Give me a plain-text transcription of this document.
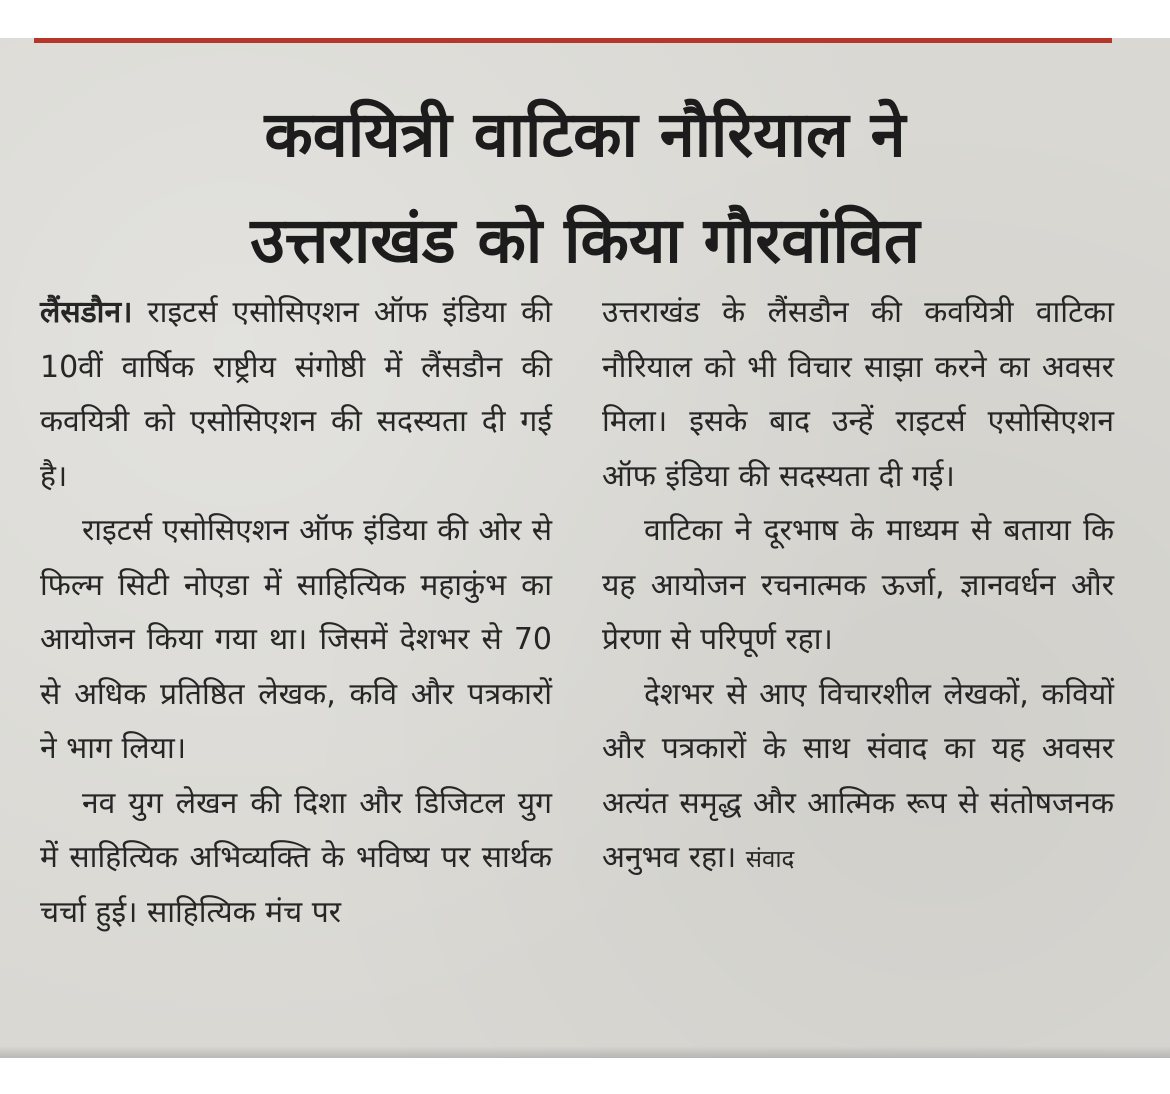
कवयित्री वाटिका नौरियाल ने
उत्तराखंड को किया गौरवांवित

लैंसडौन। राइटर्स एसोसिएशन ऑफ इंडिया की 10वीं वार्षिक राष्ट्रीय संगोष्ठी में लैंसडौन की कवयित्री को एसोसिएशन की सदस्यता दी गई है।

राइटर्स एसोसिएशन ऑफ इंडिया की ओर से फिल्म सिटी नोएडा में साहित्यिक महाकुंभ का आयोजन किया गया था। जिसमें देशभर से 70 से अधिक प्रतिष्ठित लेखक, कवि और पत्रकारों ने भाग लिया।

नव युग लेखन की दिशा और डिजिटल युग में साहित्यिक अभिव्यक्ति के भविष्य पर सार्थक चर्चा हुई। साहित्यिक मंच पर

उत्तराखंड के लैंसडौन की कवयित्री वाटिका नौरियाल को भी विचार साझा करने का अवसर मिला। इसके बाद उन्हें राइटर्स एसोसिएशन ऑफ इंडिया की सदस्यता दी गई।

वाटिका ने दूरभाष के माध्यम से बताया कि यह आयोजन रचनात्मक ऊर्जा, ज्ञानवर्धन और प्रेरणा से परिपूर्ण रहा।

देशभर से आए विचारशील लेखकों, कवियों और पत्रकारों के साथ संवाद का यह अवसर अत्यंत समृद्ध और आत्मिक रूप से संतोषजनक अनुभव रहा। संवाद
